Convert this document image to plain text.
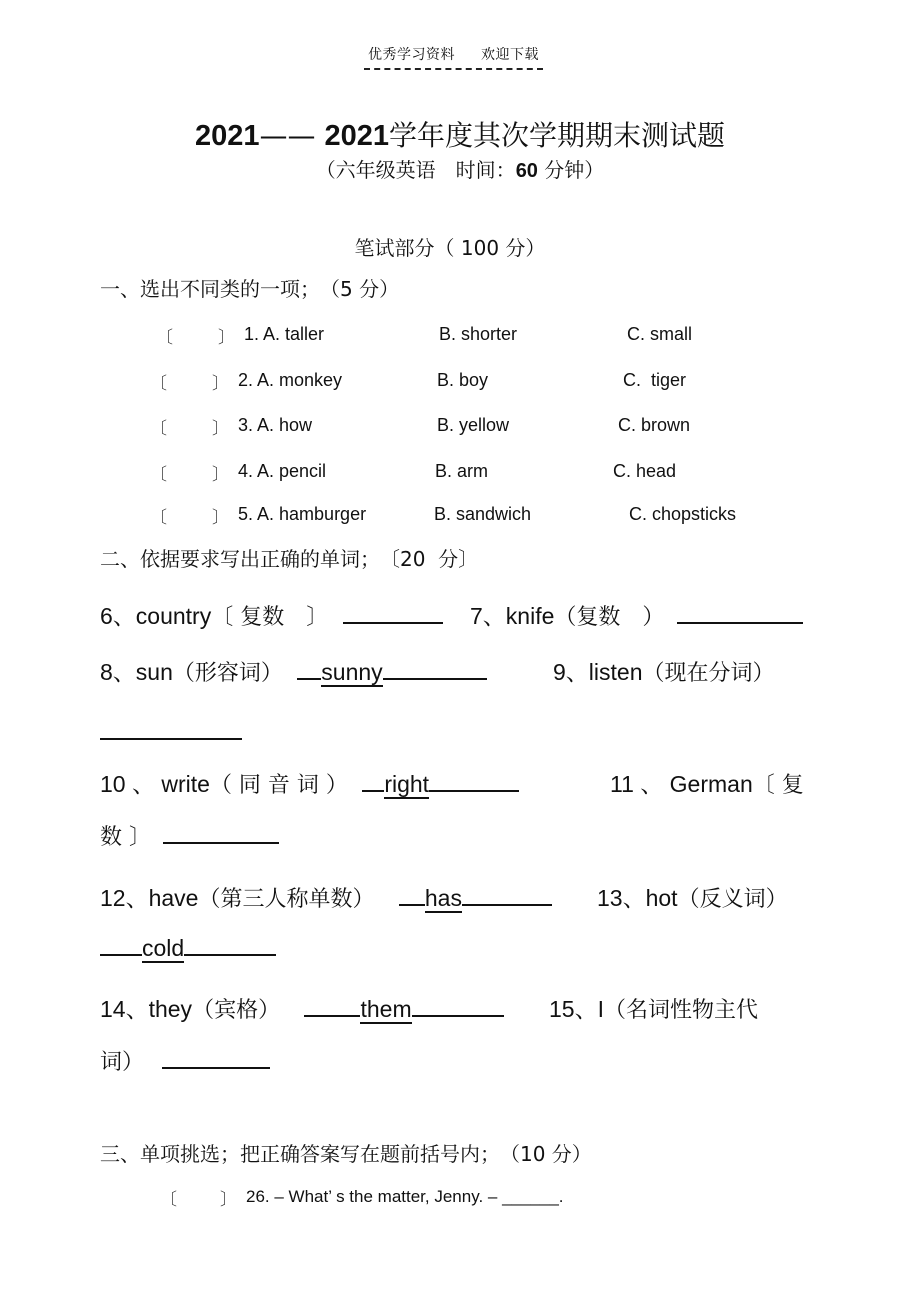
优秀学习资料 欢迎下载
2021—— 2021学年度其次学期期末测试题
（六年级英语　时间：60 分钟）
笔试部分（ 100 分）
一、选出不同类的一项；　（5 分）
〔	〕 1. A. taller	B. shorter	C. small
〔	〕 2. A. monkey	B. boy	C.  tiger
〔	〕 3. A. how	B. yellow	C. brown
〔	〕 4. A. pencil	B. arm	C. head
〔	〕 5. A. hamburger	B. sandwich	C. chopsticks
二、依据要求写出正确的单词；　〔20  分〕
6、country〔 复数　〕	7、knife（复数　）
8、sun（形容词） sunny	9、listen（现在分词）
10 、 write（ 同 音 词 ） right	11 、 German〔 复
数 〕
12、have（第三人称单数） has	13、hot（反义词）
cold
14、they（宾格）	them	15、I（名词性物主代
词）
三、单项挑选；把正确答案写在题前括号内；　（10 分）
〔	〕 26. – What’ s the matter, Jenny. – ______.
